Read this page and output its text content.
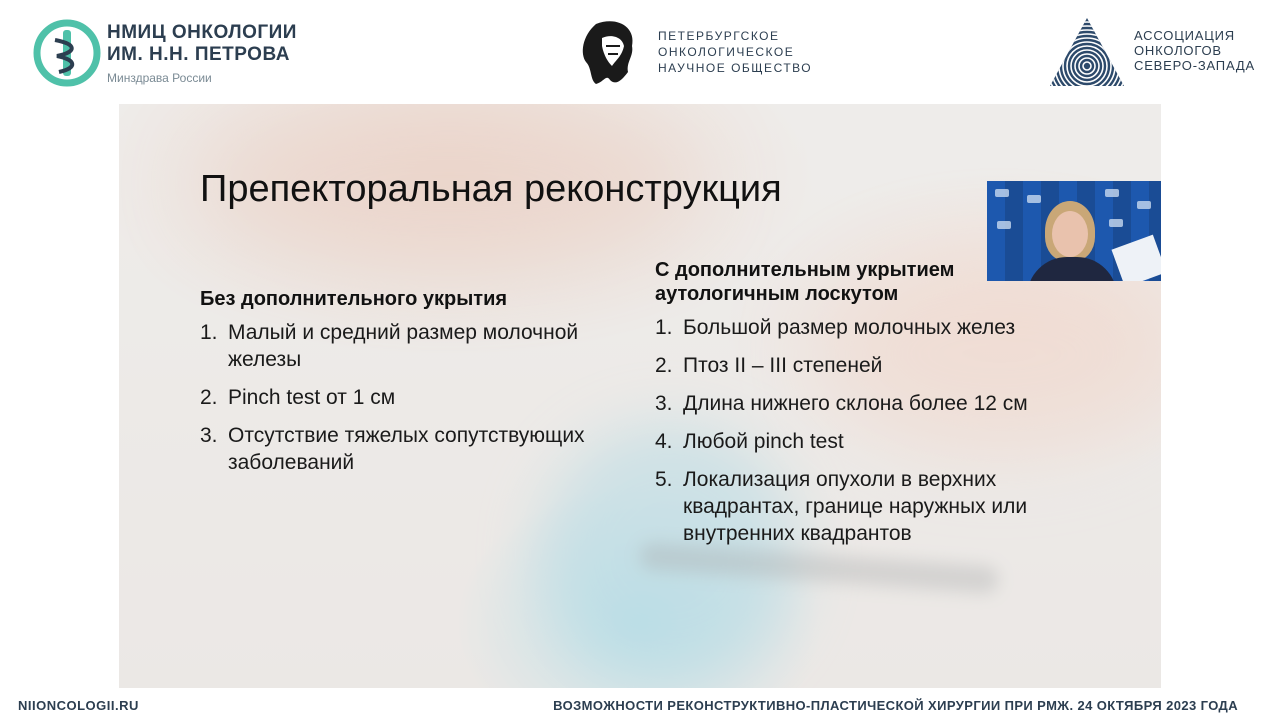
НМИЦ ОНКОЛОГИИ
ИМ. Н.Н. ПЕТРОВА
Минздрава России
ПЕТЕРБУРГСКОЕ
ОНКОЛОГИЧЕСКОЕ
НАУЧНОЕ ОБЩЕСТВО
АССОЦИАЦИЯ
ОНКОЛОГОВ
СЕВЕРО-ЗАПАДА
Препекторальная реконструкция
Без дополнительного укрытия
1. Малый и средний размер молочной железы
2. Pinch test от 1 см
3. Отсутствие тяжелых сопутствующих заболеваний
С дополнительным укрытием аутологичным лоскутом
1. Большой размер молочных желез
2. Птоз II – III степеней
3. Длина нижнего склона более 12 см
4. Любой pinch test
5. Локализация опухоли в верхних квадрантах, границе наружных или внутренних квадрантов
NIIONCOLOGII.RU	ВОЗМОЖНОСТИ РЕКОНСТРУКТИВНО-ПЛАСТИЧЕСКОЙ ХИРУРГИИ ПРИ РМЖ. 24 ОКТЯБРЯ 2023 ГОДА
